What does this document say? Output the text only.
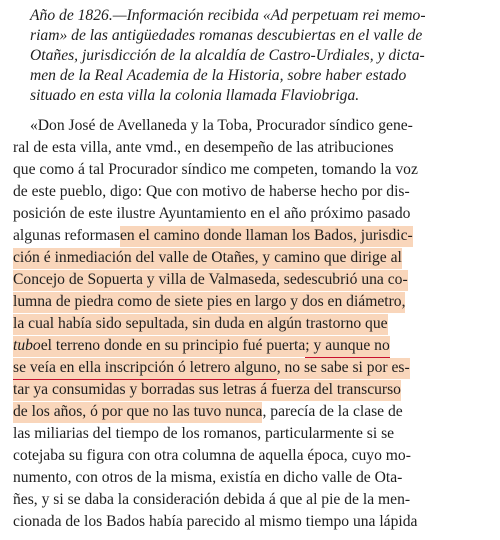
Año de 1826.—Información recibida «Ad perpetuam rei memo-
riam» de las antigüedades romanas descubiertas en el valle de
Otañes, jurisdicción de la alcaldía de Castro-Urdiales, y dicta-
men de la Real Academia de la Historia, sobre haber estado
situado en esta villa la colonia llamada Flaviobriga.
«Don José de Avellaneda y la Toba, Procurador síndico gene-
ral de esta villa, ante vmd., en desempeño de las atribuciones
que como á tal Procurador síndico me competen, tomando la voz
de este pueblo, digo: Que con motivo de haberse hecho por dis-
posición de este ilustre Ayuntamiento en el año próximo pasado
algunas reformasen el camino donde llaman los Bados, jurisdic-
ción é inmediación del valle de Otañes, y camino que dirige al
Concejo de Sopuerta y villa de Valmaseda, sedescubrió una co-
lumna de piedra como de siete pies en largo y dos en diámetro,
la cual había sido sepultada, sin duda en algún trastorno que
tuboel terreno donde en su principio fué puerta; y aunque no
se veía en ella inscripción ó letrero alguno, no se sabe si por es-
tar ya consumidas y borradas sus letras á fuerza del transcurso
de los años, ó por que no las tuvo nunca, parecía de la clase de
las miliarias del tiempo de los romanos, particularmente si se
cotejaba su figura con otra columna de aquella época, cuyo mo-
numento, con otros de la misma, existía en dicho valle de Ota-
ñes, y si se daba la consideración debida á que al pie de la men-
cionada de los Bados había parecido al mismo tiempo una lápida
